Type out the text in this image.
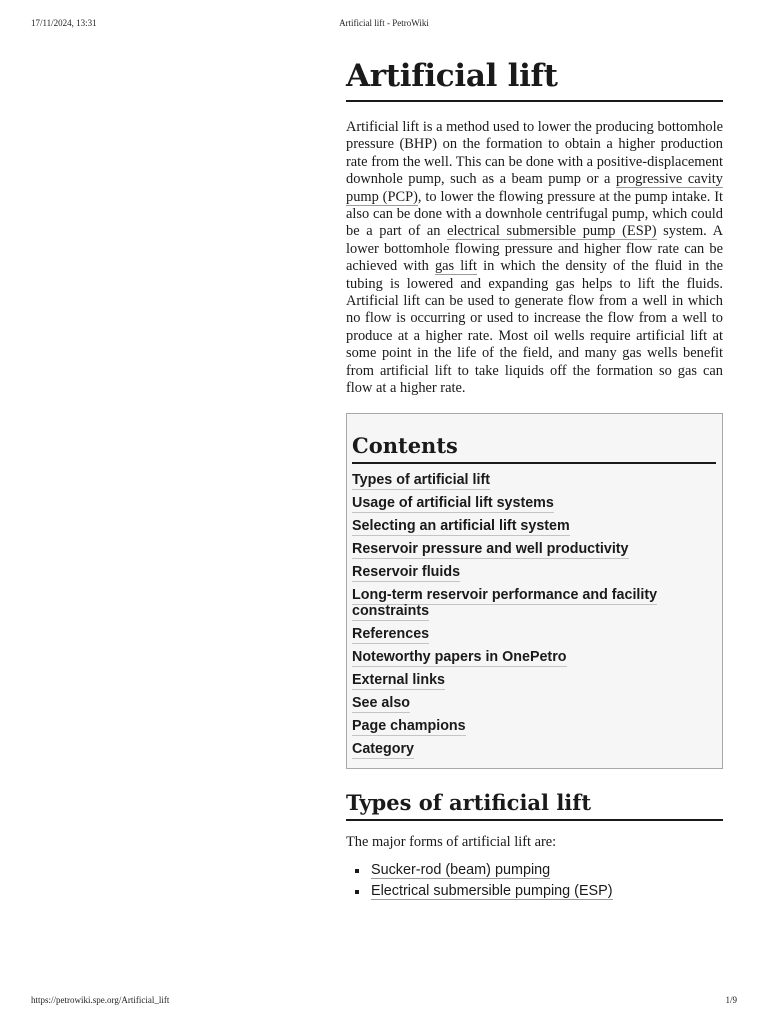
17/11/2024, 13:31	Artificial lift - PetroWiki
Artificial lift

Artificial lift is a method used to lower the producing bottomhole pressure (BHP) on the formation to obtain a higher production rate from the well. This can be done with a positive-displacement downhole pump, such as a beam pump or a progressive cavity pump (PCP), to lower the flowing pressure at the pump intake. It also can be done with a downhole centrifugal pump, which could be a part of an electrical submersible pump (ESP) system. A lower bottomhole flowing pressure and higher flow rate can be achieved with gas lift in which the density of the fluid in the tubing is lowered and expanding gas helps to lift the fluids. Artificial lift can be used to generate flow from a well in which no flow is occurring or used to increase the flow from a well to produce at a higher rate. Most oil wells require artificial lift at some point in the life of the field, and many gas wells benefit from artificial lift to take liquids off the formation so gas can flow at a higher rate.

Contents
Types of artificial lift
Usage of artificial lift systems
Selecting an artificial lift system
Reservoir pressure and well productivity
Reservoir fluids
Long-term reservoir performance and facility constraints
References
Noteworthy papers in OnePetro
External links
See also
Page champions
Category
Types of artificial lift

The major forms of artificial lift are:

Sucker-rod (beam) pumping
Electrical submersible pumping (ESP)
https://petrowiki.spe.org/Artificial_lift	1/9
